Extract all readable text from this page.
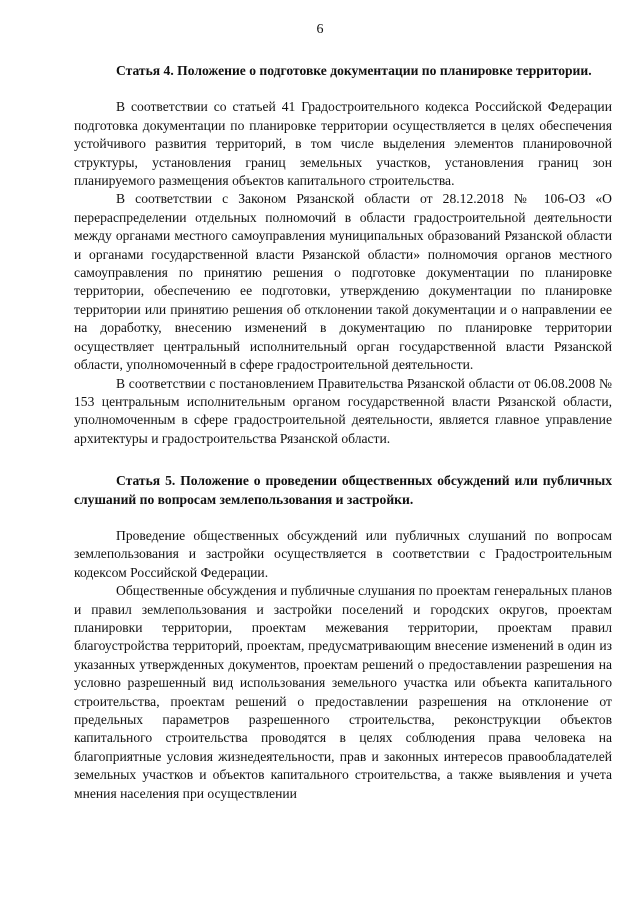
6

Статья 4. Положение о подготовке документации по планировке территории.

В соответствии со статьей 41 Градостроительного кодекса Российской Федерации подготовка документации по планировке территории осуществляется в целях обеспечения устойчивого развития территорий, в том числе выделения элементов планировочной структуры, установления границ земельных участков, установления границ зон планируемого размещения объектов капитального строительства.

В соответствии с Законом Рязанской области от 28.12.2018 № 106-ОЗ «О перераспределении отдельных полномочий в области градостроительной деятельности между органами местного самоуправления муниципальных образований Рязанской области и органами государственной власти Рязанской области» полномочия органов местного самоуправления по принятию решения о подготовке документации по планировке территории, обеспечению ее подготовки, утверждению документации по планировке территории или принятию решения об отклонении такой документации и о направлении ее на доработку, внесению изменений в документацию по планировке территории осуществляет центральный исполнительный орган государственной власти Рязанской области, уполномоченный в сфере градостроительной деятельности.

В соответствии с постановлением Правительства Рязанской области от 06.08.2008 № 153 центральным исполнительным органом государственной власти Рязанской области, уполномоченным в сфере градостроительной деятельности, является главное управление архитектуры и градостроительства Рязанской области.

Статья 5. Положение о проведении общественных обсуждений или публичных слушаний по вопросам землепользования и застройки.

Проведение общественных обсуждений или публичных слушаний по вопросам землепользования и застройки осуществляется в соответствии с Градостроительным кодексом Российской Федерации.

Общественные обсуждения и публичные слушания по проектам генеральных планов и правил землепользования и застройки поселений и городских округов, проектам планировки территории, проектам межевания территории, проектам правил благоустройства территорий, проектам, предусматривающим внесение изменений в один из указанных утвержденных документов, проектам решений о предоставлении разрешения на условно разрешенный вид использования земельного участка или объекта капитального строительства, проектам решений о предоставлении разрешения на отклонение от предельных параметров разрешенного строительства, реконструкции объектов капитального строительства проводятся в целях соблюдения права человека на благоприятные условия жизнедеятельности, прав и законных интересов правообладателей земельных участков и объектов капитального строительства, а также выявления и учета мнения населения при осуществлении
